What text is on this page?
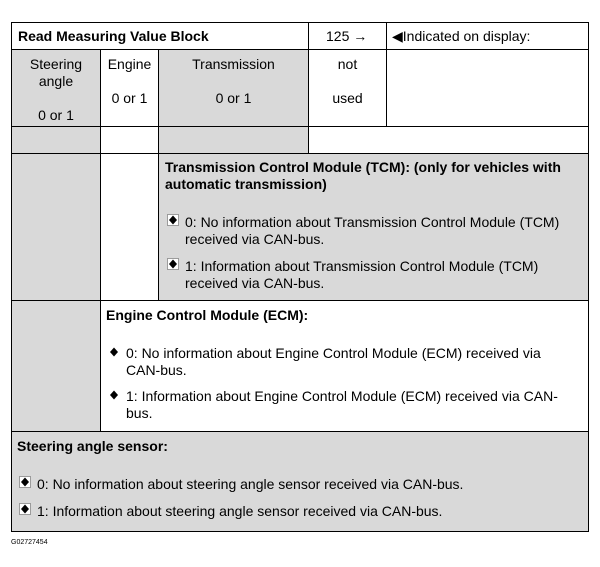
Read Measuring Value Block	125 → ◀Indicated on display:
Steering angle
0 or 1
Engine
0 or 1
Transmission
0 or 1
not
used
Transmission Control Module (TCM): (only for vehicles with automatic transmission)
0: No information about Transmission Control Module (TCM) received via CAN-bus.
1: Information about Transmission Control Module (TCM) received via CAN-bus.
Engine Control Module (ECM):
0: No information about Engine Control Module (ECM) received via CAN-bus.
1: Information about Engine Control Module (ECM) received via CAN-bus.
Steering angle sensor:
0: No information about steering angle sensor received via CAN-bus.
1: Information about steering angle sensor received via CAN-bus.
G02727454
